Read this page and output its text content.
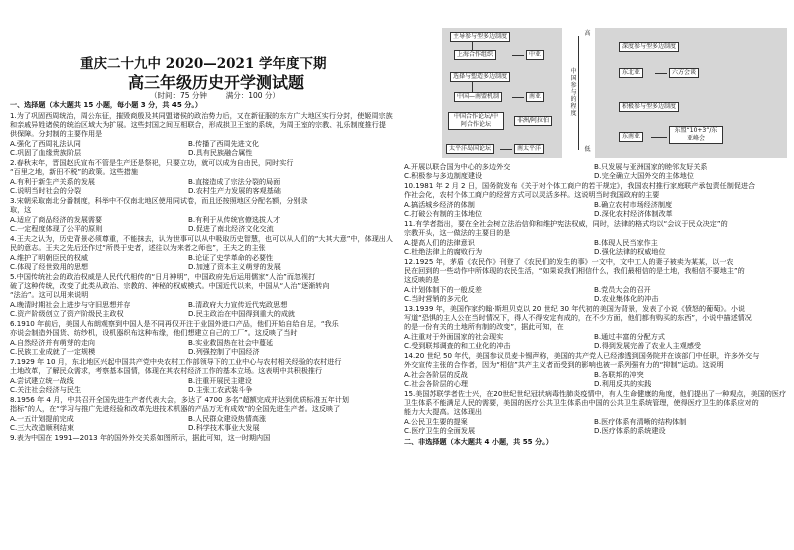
重庆二十九中 2020—2021 学年度下期
高三年级历史开学测试题
（时间：75 分钟	满分：100 分）
一、选择题（本大题共 15 小题，每小题 3 分，共 45 分。）
1.为了巩固西周统治，周公东征，摧毁商殷及其同盟诸侯的政治势力后，又在新征服的东方广大地区实行分封，使姬周宗族
和亲戚异姓诸侯的统治区域大为扩展。这些封国之间互相联合，形成拱卫王室的系统，为周王室的宗教、礼乐制度推行提
供保障。分封制的主要作用是
A.强化了西周礼法认同	B.传播了西周先进文化
C.巩固了血缘贵族阶层	D.具有民族融合属性
2.春秋末年，晋国赵氏宣布不管是生产还是祭祀，只要立功，就可以成为自由民，同时实行
“百里之地，新田不税”的政策。这些措施
A.有利于新生产关系的发展	B.直接造成了宗法分裂的局面
C.说明当时社会的分裂	D.农村生产力发展的客观基础
3.宋朝采取南北分番制度，科举中不仅南北地区使用同试卷，而且还按照地区分配名额，分别录
取，这
A.适应了商品经济的发展需要	B.有利于从传统官僚选拔人才
C.一定程度体现了公平的原则	D.促进了南北经济文化交流
4.王夫之认为，历史背景必须尊重，不能抹去，认为世事可以从中吸取历史智慧，也可以从人们的“大其大意”中，体现出人
民的意志。王夫之先后还作过“所畏于史者，述往以为来者之师也”，王夫之的主张
A.维护了明朝臣民的权威	B.论证了史学革命的必要性
C.体现了经世致用的思想	D.加速了资本主义萌芽的发展
5.中国传统社会的政治权威是人民代代相传的“日月神明”，中国政府先后运用儒家“人治”而忽视打
破了这种传统，改变了此类从政治、宗教的、神秘的权威模式。中国近代以来，中国从“人治”逐渐转向
“法治”。这可以用来说明
A.晚清时期社会上进步与守旧思想并存	B.清政府大力宣传近代宪政思想
C.资产阶级创立了资产阶级民主政权	D.民主政治在中国得到重大的成就
6.1910 年前后，美国人布朗观察到中国人是不同再仅开注于业国外进口产品，他们开始自给自足，“我乐
亦说会制造外国货、纺纱机，设机器织布这种布缘，他们想建立自己的工厂”。这反映了当时
A.自然经济并有萌芽的走向	B.实业救国热在社会中蔓延
C.民族工业成就了一定规模	D.列强控制了中国经济
7.1929 年 10 月，东北地区兴起中国共产党中央农村工作部领导下的工业中心与农村相关经验的农村进行
土地改革，了解民众需求，考察基本国情，体现在其农村经济工作的基本立场。这表明中共积极推行
A.尝试建立统一战线	B.注重开展民主建设
C.关注社会经济与民生	D.主张工农武装斗争
8.1956 年 4 月，中共召开全国先进生产者代表大会，多达了 4700 多名“超额完成并达到优质标准五年计划
指标”的人，在“学习与推广先进经验和改革先进技术机器的产品万无有成效”的全国先进生产者。这反映了
A.一五计划提前完成	B.人民群众建设热情高涨
C.三大改造顺利结束	D.科学技术事业大发展
9.表为中国在 1991—2013 年的国外外交关系如图所示，据此可知，这一时期内国
主导参与型多边制度
上海合作组织	中亚
选择与塑造多边制度
中国—南盟机制	南亚
中国合作论坛/中阿合作论坛
非洲/阿拉伯
太平洋岛国论坛	南太平洋
高
中国参与的程度
低
深度参与型多边制度
东北亚	六方会谈
积极参与型多边制度
东南亚
东盟“10+3”/东亚峰会
A.开展以联合国为中心的多边外交	B.只发展与亚洲国家的睦邻友好关系
C.积极参与多边制度建设	D.完全确立大国外交的主体地位
10.1981 年 2 月 2 日，国务院发布《关于对个体工商户的若干规定》，我国农村推行家庭联产承包责任制促进合
作社会化，农村个体工商户的经营方式可以灵活多样。这说明当时我国政府的主要
A.搞活城乡经济的体制	B.确立农村市场经济制度
C.打破公有制的主体地位	D.深化农村经济体制改革
11.有学者指出，要在全社会树立法治信仰和维护宪法权威，同时，法律的格式均以“会议于民众决定”的
宗教开头，这一做法的主要目的是
A.提高人们的法律意识	B.体现人民当家作主
C.杜绝法律上的腐败行为	D.强化法律的权威地位
12.1925 年，茅盾《农民作》刊登了《农民们的发生的事》一文中，文中工人的妻子被卖为某某，以一农
民在回到的一些动作中所体现的农民生活，“如果说我们相信什么，我们最相信的是土地，我相信不要地主”的
这反映的是
A.计划体制下的一般反差	B.党员大会的召开
C.当时营销的多元化	D.农业集体化的冲击
13.1939 年，美国作家约翰·斯坦贝克以 20 世纪 30 年代初的美国为背景，发表了小说《愤怒的葡萄》。小说
写道“恐惧的主人公在当时情况下，得人不得安定有成的，在不少方面，他们都有购买的东西”，小说中描述情况
的是一份有关的土地所有制的改变”，据此可知，在
A.注重对于外面国家的社会现实	B.通过丰富的分配方式
C.受到联邦调查的和工业化的冲击	D.得到发展完善了农业人主观感受
14.20 世纪 50 年代，美国参议员麦卡锡声称，美国的共产党人已经渗透到国务院并在该部门中任职，许多外交与
外交宣传主张的合作者，因为“相信”共产主义者而受到的影响也被一系列强有力的“抑制”运动。这说明
A.社会各阶层的反战	B.各联邦的冲突
C.社会各阶层的心理	D.利用反共的实践
15.美国苏联学者佐士兴，在20世纪世纪冠状病毒性肺炎疫情中，有人生命健康的角度，他们提出了一种观点，美国的医疗
卫生体系不能满足人民的需要，美国的医疗公共卫生体系由中国的公共卫生系统管理，使得医疗卫生的体系应对的
能力大大提高。这体现出
A.公民卫生要的提案	B.医疗体系有清晰的结构体制
C.医疗卫生的全面发展	D.医疗体系的系统建设
二、非选择题（本大题共 4 小题，共 55 分。）
